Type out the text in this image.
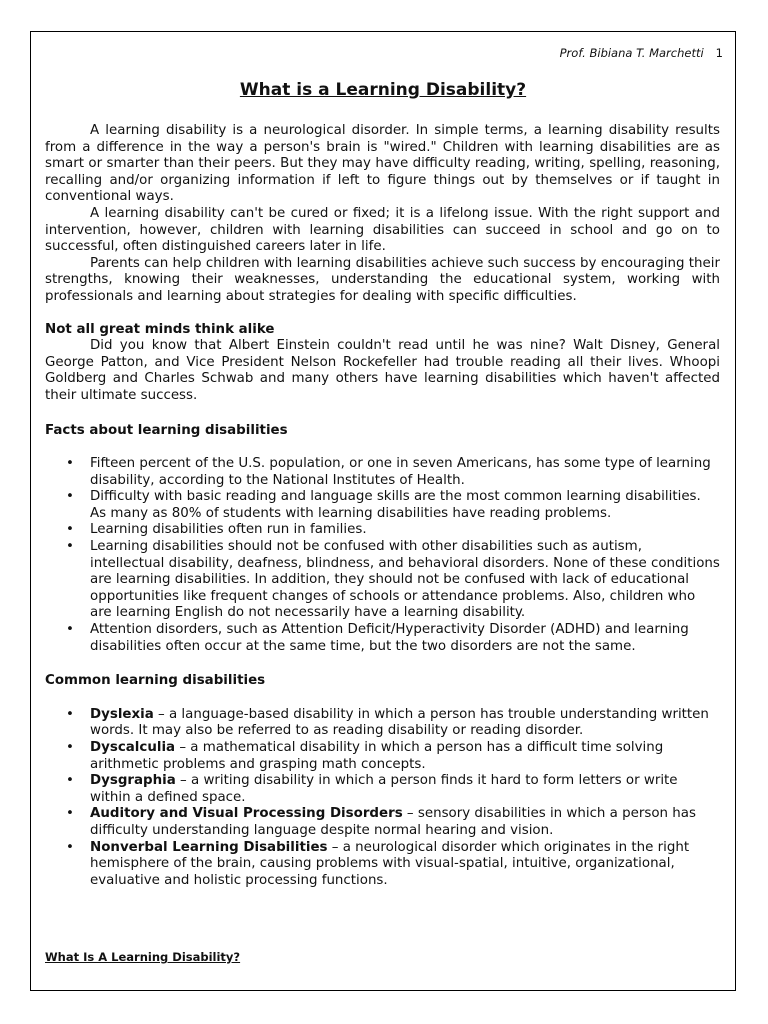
Prof. Bibiana T. Marchetti 1
What is a Learning Disability?

A learning disability is a neurological disorder. In simple terms, a learning disability results from a difference in the way a person's brain is "wired." Children with learning disabilities are as smart or smarter than their peers. But they may have difficulty reading, writing, spelling, reasoning, recalling and/or organizing information if left to figure things out by themselves or if taught in conventional ways.

A learning disability can't be cured or fixed; it is a lifelong issue. With the right support and intervention, however, children with learning disabilities can succeed in school and go on to successful, often distinguished careers later in life.

Parents can help children with learning disabilities achieve such success by encouraging their strengths, knowing their weaknesses, understanding the educational system, working with professionals and learning about strategies for dealing with specific difficulties.

Not all great minds think alike

Did you know that Albert Einstein couldn't read until he was nine? Walt Disney, General George Patton, and Vice President Nelson Rockefeller had trouble reading all their lives. Whoopi Goldberg and Charles Schwab and many others have learning disabilities which haven't affected their ultimate success.

Facts about learning disabilities
• Fifteen percent of the U.S. population, or one in seven Americans, has some type of learning disability, according to the National Institutes of Health.
• Difficulty with basic reading and language skills are the most common learning disabilities. As many as 80% of students with learning disabilities have reading problems.
• Learning disabilities often run in families.
• Learning disabilities should not be confused with other disabilities such as autism, intellectual disability, deafness, blindness, and behavioral disorders. None of these conditions are learning disabilities. In addition, they should not be confused with lack of educational opportunities like frequent changes of schools or attendance problems. Also, children who are learning English do not necessarily have a learning disability.
• Attention disorders, such as Attention Deficit/Hyperactivity Disorder (ADHD) and learning disabilities often occur at the same time, but the two disorders are not the same.
Common learning disabilities
• Dyslexia – a language-based disability in which a person has trouble understanding written words. It may also be referred to as reading disability or reading disorder.
• Dyscalculia – a mathematical disability in which a person has a difficult time solving arithmetic problems and grasping math concepts.
• Dysgraphia – a writing disability in which a person finds it hard to form letters or write within a defined space.
• Auditory and Visual Processing Disorders – sensory disabilities in which a person has difficulty understanding language despite normal hearing and vision.
• Nonverbal Learning Disabilities – a neurological disorder which originates in the right hemisphere of the brain, causing problems with visual-spatial, intuitive, organizational, evaluative and holistic processing functions.
What Is A Learning Disability?
